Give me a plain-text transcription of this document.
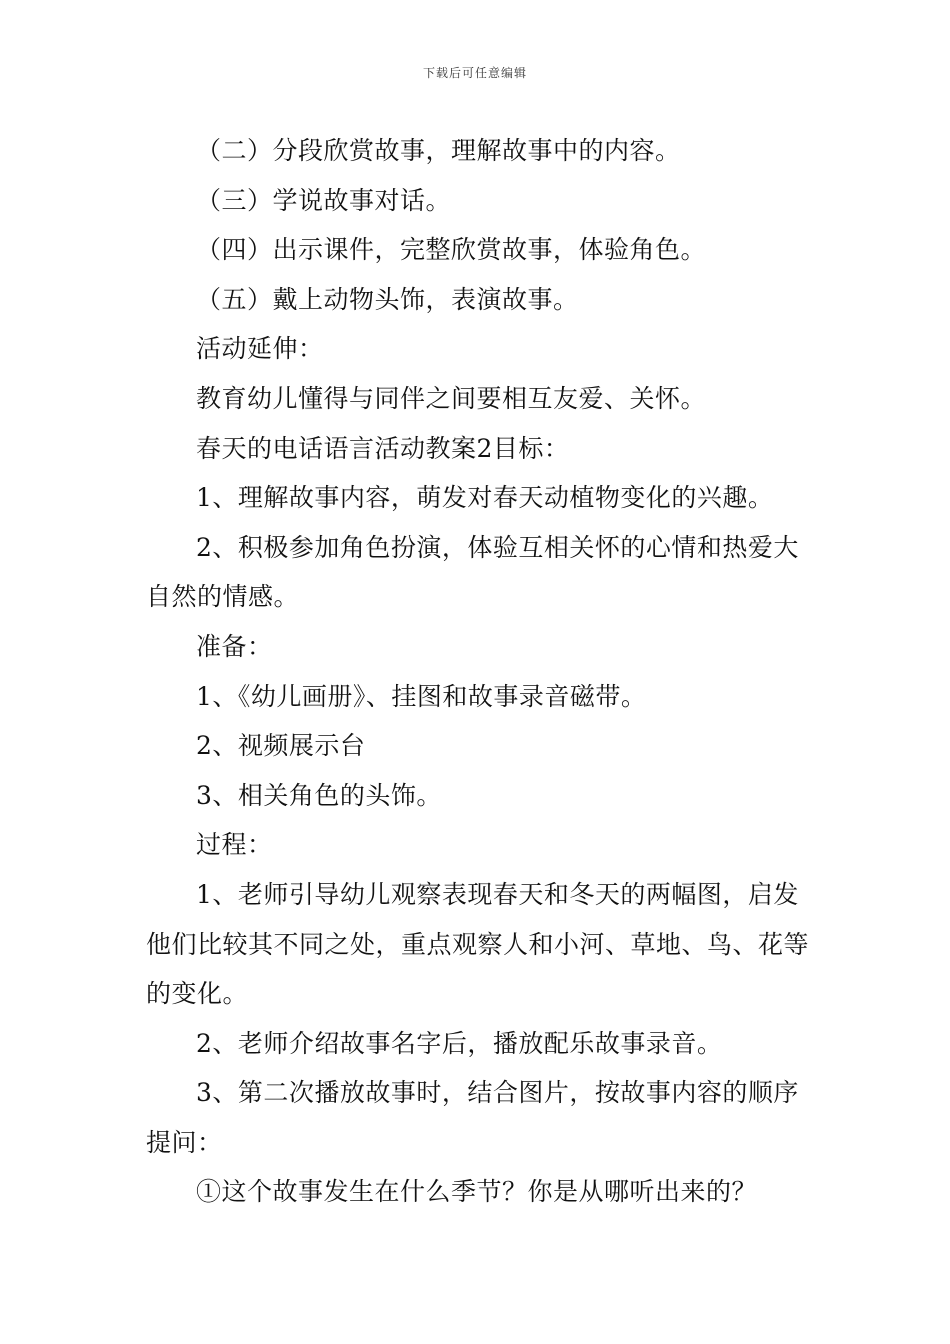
下载后可任意编辑

（二）分段欣赏故事，理解故事中的内容。

（三）学说故事对话。

（四）出示课件，完整欣赏故事，体验角色。

（五）戴上动物头饰，表演故事。

活动延伸：

教育幼儿懂得与同伴之间要相互友爱、关怀。

春天的电话语言活动教案2目标：

1、理解故事内容，萌发对春天动植物变化的兴趣。

2、积极参加角色扮演，体验互相关怀的心情和热爱大自然的情感。

准备：

1、《幼儿画册》、挂图和故事录音磁带。

2、视频展示台

3、相关角色的头饰。

过程：

1、老师引导幼儿观察表现春天和冬天的两幅图，启发他们比较其不同之处，重点观察人和小河、草地、鸟、花等的变化。

2、老师介绍故事名字后，播放配乐故事录音。

3、第二次播放故事时，结合图片，按故事内容的顺序提问：

①这个故事发生在什么季节？你是从哪听出来的？
